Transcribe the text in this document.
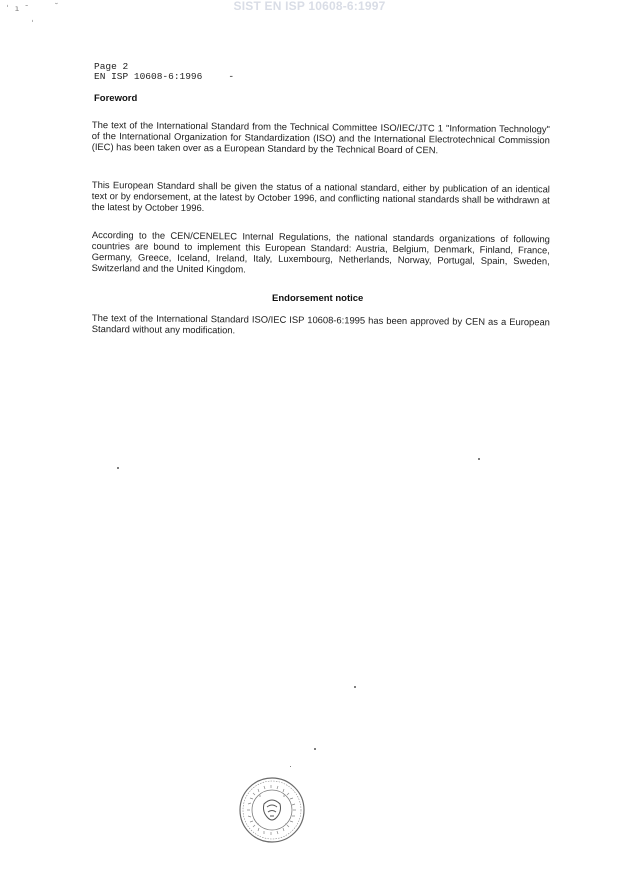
SIST EN ISP 10608-6:1997
ˈ ı ˉ	˘
ˌ
Page 2
EN ISP 10608-6:1996	-
Foreword
The text of the International Standard from the Technical Committee ISO/IEC/JTC 1 "Information Technology" of the International Organization for Standardization (ISO) and the International Electrotechnical Commission (IEC) has been taken over as a European Standard by the Technical Board of CEN.
This European Standard shall be given the status of a national standard, either by publication of an identical text or by endorsement, at the latest by October 1996, and conflicting national standards shall be withdrawn at the latest by October 1996.
According to the CEN/CENELEC Internal Regulations, the national standards organizations of following countries are bound to implement this European Standard: Austria, Belgium, Denmark, Finland, France, Germany, Greece, Iceland, Ireland, Italy, Luxembourg, Netherlands, Norway, Portugal, Spain, Sweden, Switzerland and the United Kingdom.
Endorsement notice
The text of the International Standard ISO/IEC ISP 10608-6:1995 has been approved by CEN as a European Standard without any modification.
